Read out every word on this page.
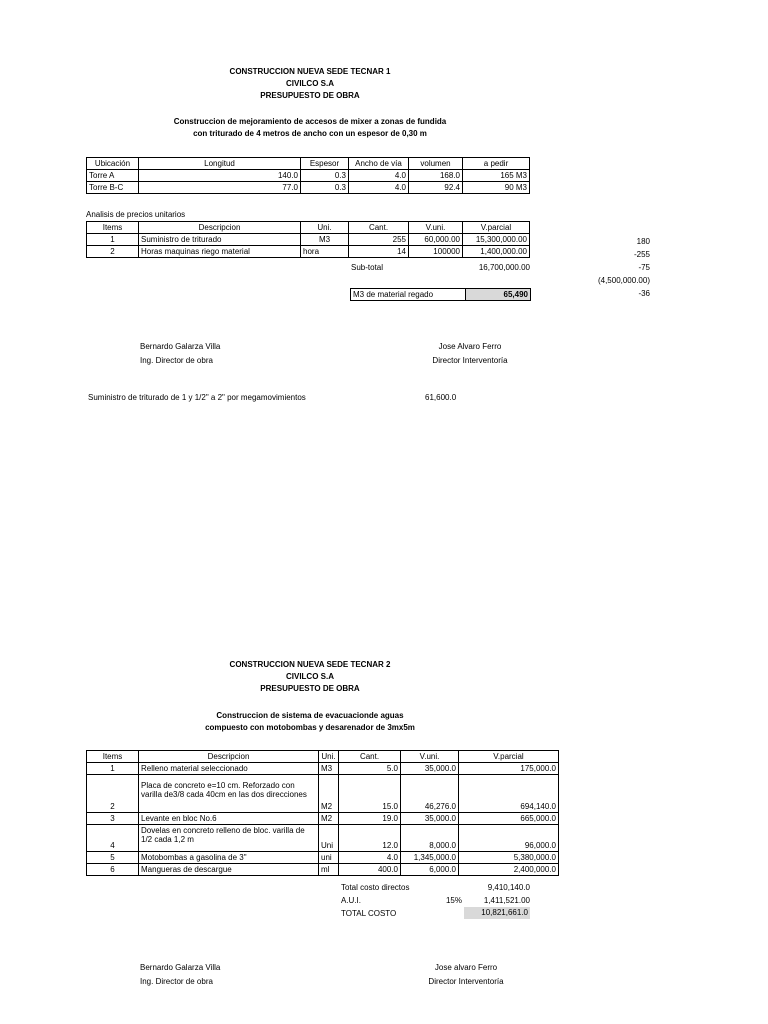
CONSTRUCCION NUEVA SEDE TECNAR 1
CIVILCO S.A
PRESUPUESTO DE OBRA
Construccion de mejoramiento de accesos de mixer a zonas de fundida
con triturado de 4 metros de ancho con un espesor de 0,30 m
Ubicación	Longitud	Espesor	Ancho de vía	volumen	a pedir
Torre A	140.0	0.3	4.0	168.0	165 M3
Torre B-C	77.0	0.3	4.0	92.4	90 M3
Analisis de precios unitarios
Items	Descripcion	Uni.	Cant.	V.uni.	V.parcial
1	Suministro de triturado	M3	255	60,000.00	15,300,000.00
2	Horas maquinas riego material	hora	14	100000	1,400,000.00
Sub-total	16,700,000.00
M3 de material regado	65,490
180
-255
-75
(4,500,000.00)
-36
Bernardo Galarza Villa
Ing. Director de obra
Jose Alvaro Ferro
Director Interventoría
Suministro de triturado de 1 y 1/2" a 2" por megamovimientos	61,600.0
CONSTRUCCION NUEVA SEDE TECNAR 2
CIVILCO S.A
PRESUPUESTO DE OBRA
Construccion de sistema de evacuacionde aguas
compuesto con motobombas y desarenador de 3mx5m
Items	Descripcion	Uni.	Cant.	V.uni.	V.parcial
1	Relleno material seleccionado	M3	5.0	35,000.0	175,000.0
2	Placa de concreto e=10 cm. Reforzado con varilla de3/8 cada 40cm en las dos direcciones	M2	15.0	46,276.0	694,140.0
3	Levante en bloc No.6	M2	19.0	35,000.0	665,000.0
4	Dovelas en concreto relleno de bloc. varilla de 1/2 cada 1,2 m	Uni	12.0	8,000.0	96,000.0
5	Motobombas a gasolina de 3"	uni	4.0	1,345,000.0	5,380,000.0
6	Mangueras de descargue	ml	400.0	6,000.0	2,400,000.0
Total costo directos	9,410,140.0
A.U.I.	15%	1,411,521.00
TOTAL COSTO	10,821,661.0
Bernardo Galarza Villa
Ing. Director de obra
Jose alvaro Ferro
Director Interventoría
